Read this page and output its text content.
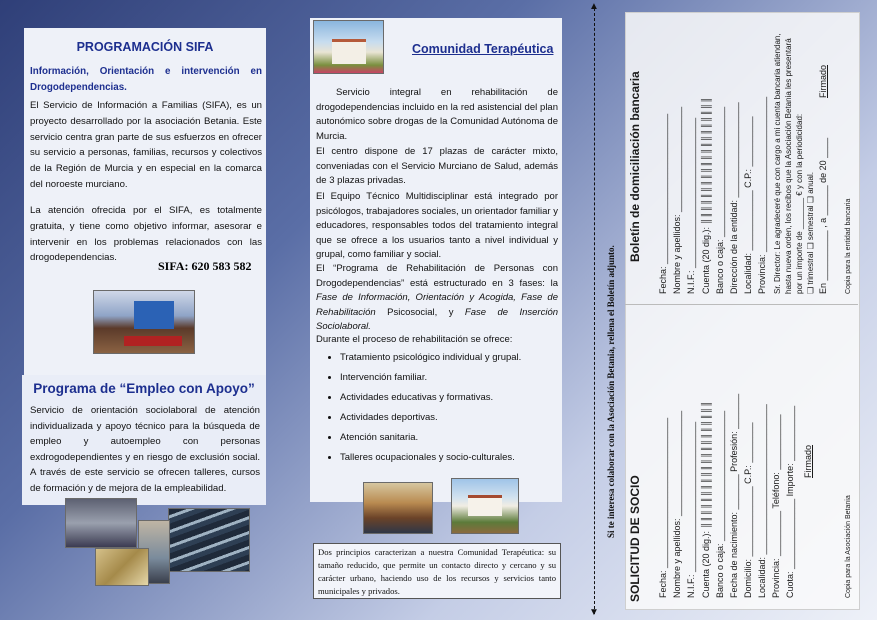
PROGRAMACIÓN SIFA

Información, Orientación e intervención en Drogodependencias.

El Servicio de Información a Familias (SIFA), es un proyecto desarrollado por la asociación Betania. Este servicio centra gran parte de sus esfuerzos en ofrecer su servicio a personas, familias, recursos y colectivos de la Región de Murcia y en especial en la comarca del noroeste murciano.

La atención ofrecida por el SIFA, es totalmente gratuita, y tiene como objetivo informar, asesorar e intervenir en los problemas relacionados con las drogodependencias.

SIFA: 620 583 582
Programa de “Empleo con Apoyo”

Servicio de orientación sociolaboral de atención individualizada y apoyo técnico para la búsqueda de empleo y autoempleo con personas exdrogodependientes y en riesgo de exclusión social. A través de este servicio se ofrecen talleres, cursos de formación y de mejora de la empleabilidad.

Comunidad Terapéutica

Servicio integral en rehabilitación de drogodependencias incluido en la red asistencial del plan autonómico sobre drogas de la Comunidad Autónoma de Murcia.

El centro dispone de 17 plazas de carácter mixto, conveniadas con el Servicio Murciano de Salud, además de 3 plazas privadas.

El Equipo Técnico Multidisciplinar está integrado por psicólogos, trabajadores sociales, un orientador familiar y educadores, responsables todos del tratamiento integral que se ofrece a los usuarios tanto a nivel individual y grupal, como familiar y social.

El “Programa de Rehabilitación de Personas con Drogodependencias” está estructurado en 3 fases: la Fase de Información, Orientación y Acogida, Fase de Rehabilitación Psicosocial, y Fase de Inserción Sociolaboral.

Durante el proceso de rehabilitación se ofrece:

• Tratamiento psicológico individual y grupal.
• Intervención familiar.
• Actividades educativas y formativas.
• Actividades deportivas.
• Atención sanitaria.
• Talleres ocupacionales y socio-culturales.
Dos principios caracterizan a nuestra Comunidad Terapéutica: su tamaño reducido, que permite un contacto directo y cercano y su carácter urbano, haciendo uso de los recursos y servicios tanto municipales y privados.
▲
▼
Si te interesa colaborar con la Asociación Betania, rellena el Boletín adjunto.
SOLICITUD DE SOCIO Fecha: ______________________________ Nombre y apellidos: _____________________ N.I.F.: ______________________________ Cuenta (20 dig.): ║║║║║║║║║║║║║║║║║║║║ Banco o caja: __________________________ Fecha de nacimiento: _______ Profesión: _______ Domicilio: ______________ C.P.: ________ Localidad: ______________________________ Provincia: _________ Teléfono: ___________ Cuota: ______________ Importe: ___________ Firmado
Copia para la Asociación Betania
Boletín de domiciliación bancaria Fecha: ______________________________ Nombre y apellidos: _____________________ N.I.F.: ______________________________ Cuenta (20 dig.): ║║║║║║║║║║║║║║║║║║║║ Banco o caja: __________________________ Dirección de la entidad: ___________________ Localidad: ____________ C.P.: __________ Provincia: _______________________________ Sr. Director: Le agradeceré que con cargo a mi cuenta bancaria atiendan, hasta nueva orden, los recibos que la Asociación Betania les presentará por un importe de _______ € y con la periodicidad: ❑ trimestral ❑ semestral ❑ anual. En __________ , a ______ de 20 ____
Firmado
Copia para la entidad bancaria
